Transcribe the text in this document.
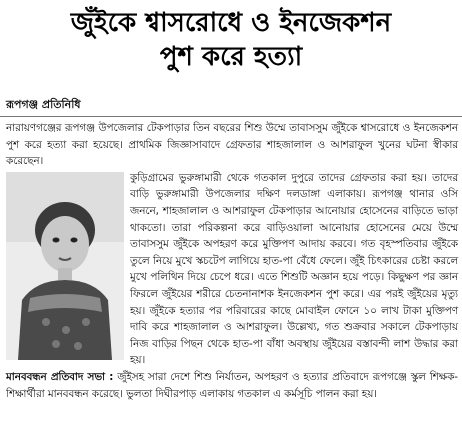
জুঁইকে শ্বাসরোধে ও ইনজেকশন
পুশ করে হত্যা
রূপগঞ্জ প্রতিনিধি

নারায়ণগঞ্জের রূপগঞ্জ উপজেলার টেকপাড়ার তিন বছরের শিশু উম্মে তাবাসসুম জুঁইকে শ্বাসরোধে ও ইনজেকশন পুশ করে হত্যা করা হয়েছে। প্রাথমিক জিজ্ঞাসাবাদে গ্রেফতার শাহজালাল ও আশরাফুল খুনের ঘটনা স্বীকার করেছেন।

কুড়িগ্রামের ভুরুঙ্গামারী থেকে গতকাল দুপুরে তাদের গ্রেফতার করা হয়। তাদের বাড়ি ভুরুঙ্গামারী উপজেলার দক্ষিণ দলডাঙ্গা এলাকায়। রূপগঞ্জ থানার ওসি জননে, শাহজালাল ও আশরাফুল টেকপাড়ার আনোয়ার হোসেনের বাড়িতে ভাড়া থাকতো। তারা পরিকল্পনা করে বাড়িওয়ালা আনোয়ার হোসেনের মেয়ে উম্মে তাবাসসুম জুঁইকে অপহরণ করে মুক্তিপণ আদায় করবে। গত বৃহস্পতিবার জুঁইকে তুলে নিয়ে মুখে স্কচটেপ লাগিয়ে হাত-পা বেঁধে ফেলে। জুঁই চিৎকারের চেষ্টা করলে মুখে পলিথিন দিয়ে চেপে ধরে। এতে শিশুটি অজ্ঞান হয়ে পড়ে। কিছুক্ষণ পর জ্ঞান ফিরলে জুঁইয়ের শরীরে চেতনানাশক ইনজেকশন পুশ করে। এর পরই জুঁইয়ের মৃত্যু হয়। জুঁইকে হত্যার পর পরিবারের কাছে মোবাইল ফোনে ১০ লাখ টাকা মুক্তিপণ দাবি করে শাহজালাল ও আশরাফুল। উল্লেখ্য, গত শুক্রবার সকালে টেকপাড়ায় নিজ বাড়ির পিছন থেকে হাত-পা বাঁধা অবস্থায় জুঁইয়ের বস্তাবন্দী লাশ উদ্ধার করা হয়।

মানববন্ধন প্রতিবাদ সভা : জুঁইসহ সারা দেশে শিশু নির্যাতন, অপহরণ ও হত্যার প্রতিবাদে রূপগঞ্জে স্কুল শিক্ষক-শিক্ষার্থীরা মানববন্ধন করেছে। ভুলতা দিঘীরপাড় এলাকায় গতকাল এ কর্মসূচি পালন করা হয়।
